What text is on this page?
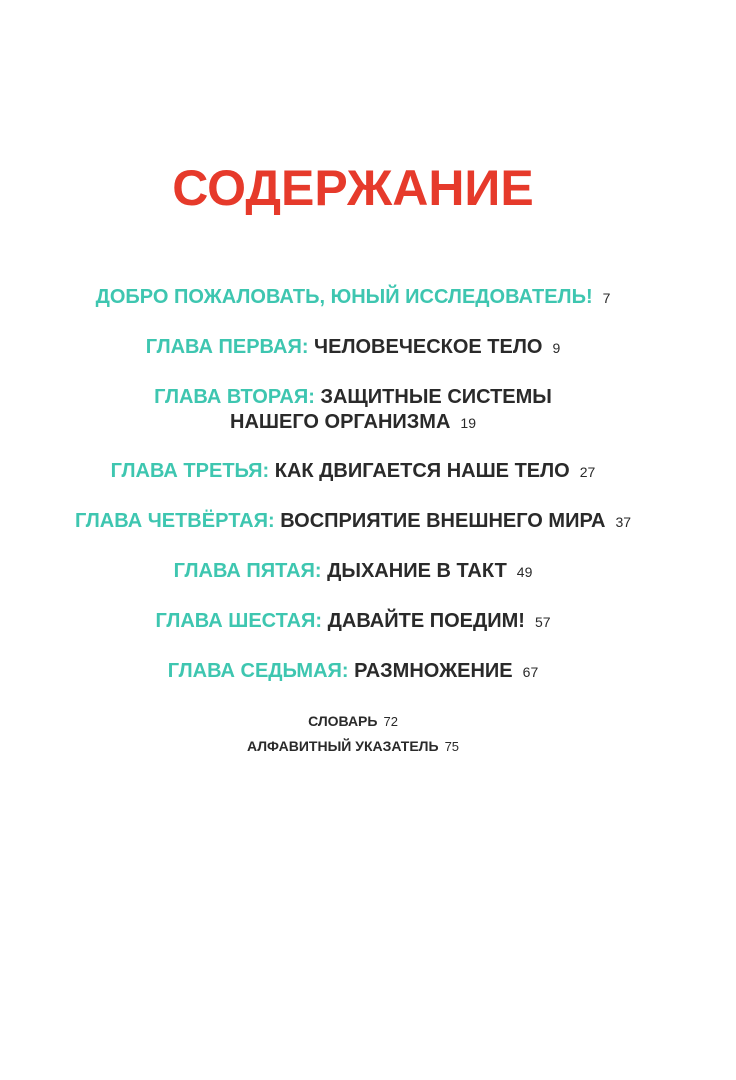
СОДЕРЖАНИЕ
ДОБРО ПОЖАЛОВАТЬ, ЮНЫЙ ИССЛЕДОВАТЕЛЬ! 7
ГЛАВА ПЕРВАЯ: ЧЕЛОВЕЧЕСКОЕ ТЕЛО 9
ГЛАВА ВТОРАЯ: ЗАЩИТНЫЕ СИСТЕМЫ
НАШЕГО ОРГАНИЗМА 19
ГЛАВА ТРЕТЬЯ: КАК ДВИГАЕТСЯ НАШЕ ТЕЛО 27
ГЛАВА ЧЕТВЁРТАЯ: ВОСПРИЯТИЕ ВНЕШНЕГО МИРА 37
ГЛАВА ПЯТАЯ: ДЫХАНИЕ В ТАКТ 49
ГЛАВА ШЕСТАЯ: ДАВАЙТЕ ПОЕДИМ! 57
ГЛАВА СЕДЬМАЯ: РАЗМНОЖЕНИЕ 67
СЛОВАРЬ 72
АЛФАВИТНЫЙ УКАЗАТЕЛЬ 75
